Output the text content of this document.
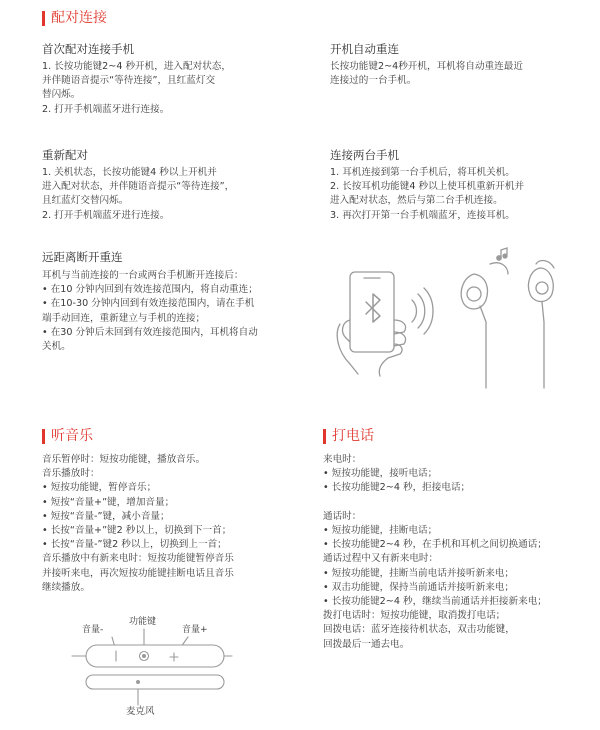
配对连接
首次配对连接手机
1. 长按功能键2~4 秒开机，进入配对状态，
并伴随语音提示“等待连接”，且红蓝灯交
替闪烁。
2. 打开手机端蓝牙进行连接。
开机自动重连
长按功能键2~4秒开机，耳机将自动重连最近
连接过的一台手机。
重新配对
1. 关机状态，长按功能键4 秒以上开机并
进入配对状态，并伴随语音提示“等待连接”，
且红蓝灯交替闪烁。
2. 打开手机端蓝牙进行连接。
连接两台手机
1. 耳机连接到第一台手机后，将耳机关机。
2. 长按耳机功能键4 秒以上使耳机重新开机并
进入配对状态，然后与第二台手机连接。
3. 再次打开第一台手机端蓝牙，连接耳机。
远距离断开重连
耳机与当前连接的一台或两台手机断开连接后：
• 在10 分钟内回到有效连接范围内，将自动重连；
• 在10-30 分钟内回到有效连接范围内，请在手机
端手动回连，重新建立与手机的连接；
• 在30 分钟后未回到有效连接范围内，耳机将自动
关机。
听音乐
音乐暂停时：短按功能键，播放音乐。
音乐播放时：
• 短按功能键，暂停音乐；
• 短按“音量+”键，增加音量；
• 短按“音量-”键，减小音量；
• 长按“音量+”键2 秒以上，切换到下一首；
• 长按“音量-”键2 秒以上，切换到上一首；
音乐播放中有新来电时：短按功能键暂停音乐
并接听来电，再次短按功能键挂断电话且音乐
继续播放。
音量-
功能键
音量+
麦克风
打电话
来电时：
• 短按功能键，接听电话；
• 长按功能键2~4 秒，拒接电话；

通话时：
• 短按功能键，挂断电话；
• 长按功能键2~4 秒，在手机和耳机之间切换通话；
通话过程中又有新来电时：
• 短按功能键，挂断当前电话并接听新来电；
• 双击功能键，保持当前通话并接听新来电；
• 长按功能键2~4 秒，继续当前通话并拒接新来电；
拨打电话时：短按功能键，取消拨打电话；
回拨电话：蓝牙连接待机状态，双击功能键，
回拨最后一通去电。
